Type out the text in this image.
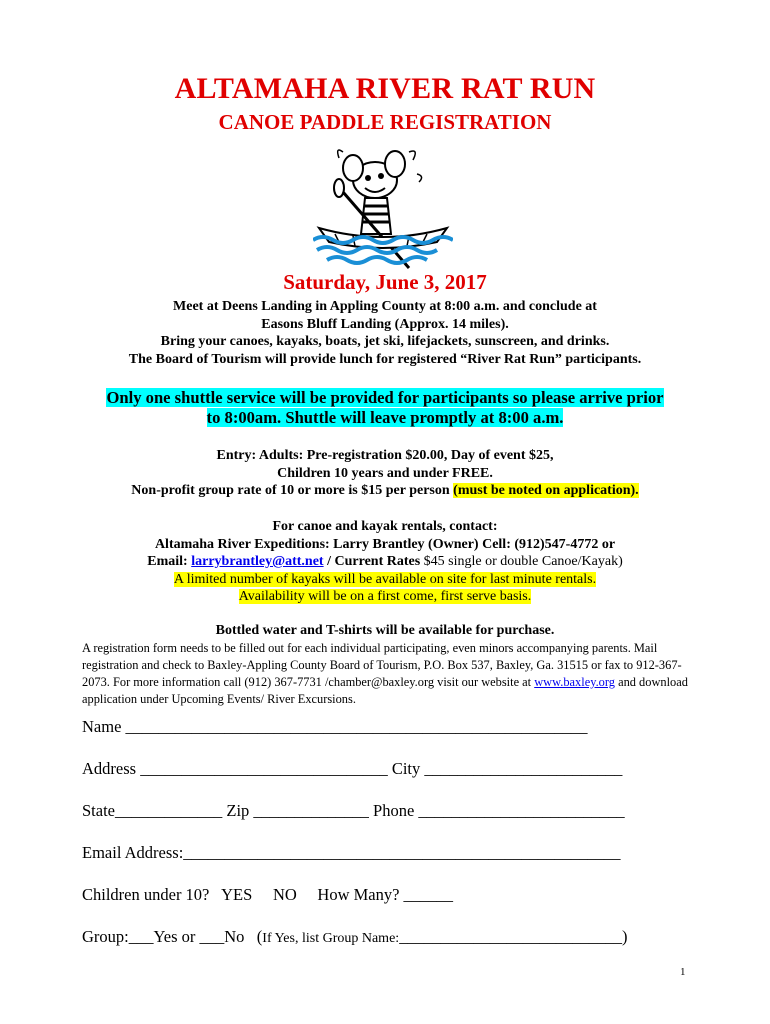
ALTAMAHA RIVER RAT RUN
CANOE PADDLE REGISTRATION
Saturday, June 3, 2017
Meet at Deens Landing in Appling County at 8:00 a.m. and conclude at
Easons Bluff Landing (Approx. 14 miles).
Bring your canoes, kayaks, boats, jet ski, lifejackets, sunscreen, and drinks.
The Board of Tourism will provide lunch for registered “River Rat Run” participants.
Only one shuttle service will be provided for participants so please arrive prior
to 8:00am. Shuttle will leave promptly at 8:00 a.m.
Entry: Adults: Pre-registration $20.00, Day of event $25,
Children 10 years and under FREE.
Non-profit group rate of 10 or more is $15 per person (must be noted on application).
For canoe and kayak rentals, contact:
Altamaha River Expeditions: Larry Brantley (Owner) Cell: (912)547-4772 or
Email: larrybrantley@att.net / Current Rates $45 single or double Canoe/Kayak)
A limited number of kayaks will be available on site for last minute rentals.
Availability will be on a first come, first serve basis.
Bottled water and T-shirts will be available for purchase.
A registration form needs to be filled out for each individual participating, even minors accompanying parents. Mail registration and check to Baxley-Appling County Board of Tourism, P.O. Box 537, Baxley, Ga. 31515 or fax to 912-367-2073. For more information call (912) 367-7731 /chamber@baxley.org visit our website at www.baxley.org and download application under Upcoming Events/ River Excursions.
Name ________________________________________________________
Address ______________________________ City ________________________
State_____________ Zip ______________ Phone _________________________
Email Address:_____________________________________________________
Children under 10?   YES     NO     How Many? ______
Group:___Yes or ___No   (If Yes, list Group Name:___________________________)
1
